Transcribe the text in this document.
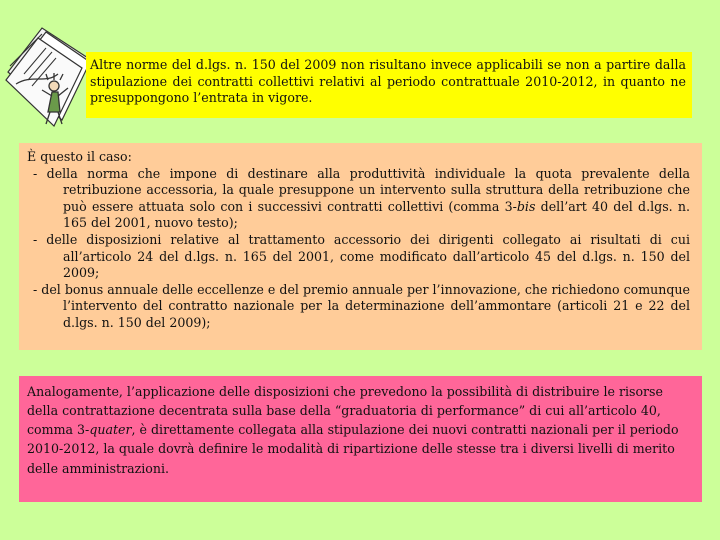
Altre norme del d.lgs. n. 150 del 2009 non risultano invece applicabili se non a partire dalla stipulazione dei contratti collettivi relativi al periodo contrattuale 2010-2012, in quanto ne presuppongono l’entrata in vigore.

È questo il caso:

- della norma che impone di destinare alla produttività individuale la quota prevalente della retribuzione accessoria, la quale presuppone un intervento sulla struttura della retribuzione che può essere attuata solo con i successivi contratti collettivi (comma 3-bis dell’art 40 del d.lgs. n. 165 del 2001, nuovo testo);
- delle disposizioni relative al trattamento accessorio dei dirigenti collegato ai risultati di cui all’articolo 24 del d.lgs. n. 165 del 2001, come modificato dall’articolo 45 del d.lgs. n. 150 del 2009;
- del bonus annuale delle eccellenze e del premio annuale per l’innovazione, che richiedono comunque l’intervento del contratto nazionale per la determinazione dell’ammontare (articoli 21 e 22 del d.lgs. n. 150 del 2009);
Analogamente, l’applicazione delle disposizioni che prevedono la possibilità di distribuire le risorse della contrattazione decentrata sulla base della “graduatoria di performance” di cui all’articolo 40, comma 3-quater, è direttamente collegata alla stipulazione dei nuovi contratti nazionali per il periodo 2010-2012, la quale dovrà definire le modalità di ripartizione delle stesse tra i diversi livelli di merito delle amministrazioni.
